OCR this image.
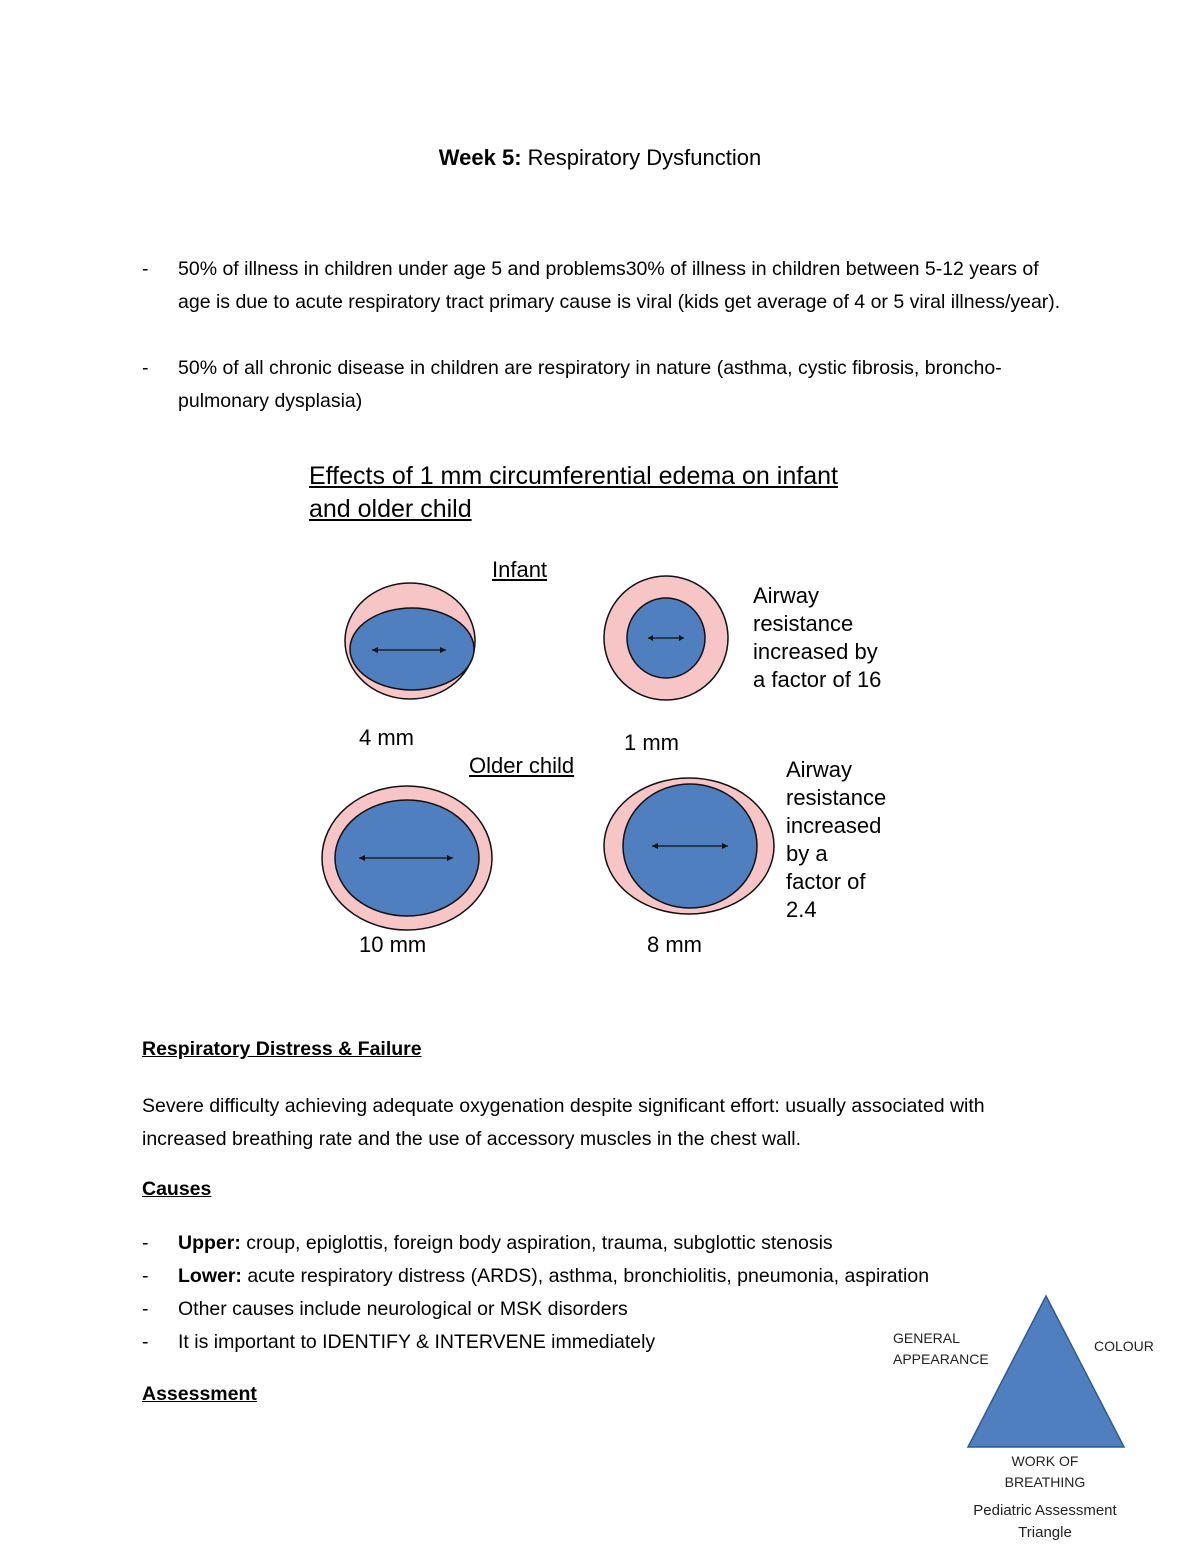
Week 5: Respiratory Dysfunction
- 50% of illness in children under age 5 and problems30% of illness in children between 5-12 years of age is due to acute respiratory tract primary cause is viral (kids get average of 4 or 5 viral illness/year).
- 50% of all chronic disease in children are respiratory in nature (asthma, cystic fibrosis, broncho-pulmonary dysplasia)
Effects of 1 mm circumferential edema on infant and older child
Infant
Older child
4 mm	1 mm
10 mm	8 mm
Airway
resistance
increased by
a factor of 16
Airway
resistance
increased
by a
factor of
2.4
Respiratory Distress & Failure
Severe difficulty achieving adequate oxygenation despite significant effort: usually associated with increased breathing rate and the use of accessory muscles in the chest wall.
Causes
- Upper: croup, epiglottis, foreign body aspiration, trauma, subglottic stenosis
- Lower: acute respiratory distress (ARDS), asthma, bronchiolitis, pneumonia, aspiration
- Other causes include neurological or MSK disorders
- It is important to IDENTIFY & INTERVENE immediately
Assessment
GENERAL
APPEARANCE
COLOUR
WORK OF
BREATHING
Pediatric Assessment
Triangle
